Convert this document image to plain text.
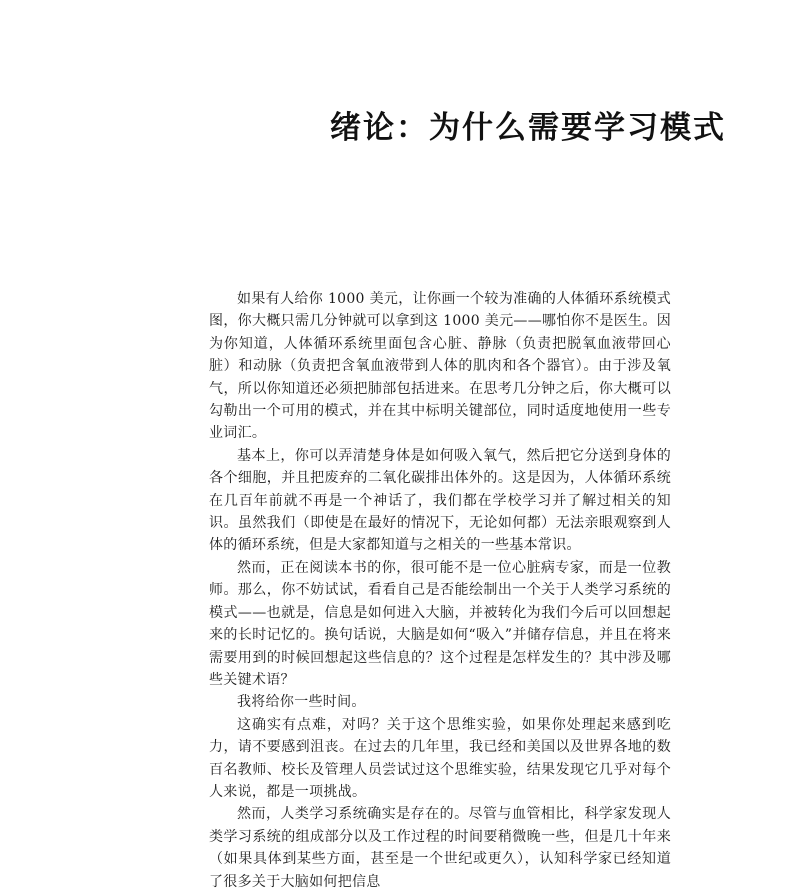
绪论：为什么需要学习模式

如果有人给你 1000 美元，让你画一个较为准确的人体循环系统模式图，你大概只需几分钟就可以拿到这 1000 美元——哪怕你不是医生。因为你知道，人体循环系统里面包含心脏、静脉（负责把脱氧血液带回心脏）和动脉（负责把含氧血液带到人体的肌肉和各个器官）。由于涉及氧气，所以你知道还必须把肺部包括进来。在思考几分钟之后，你大概可以勾勒出一个可用的模式，并在其中标明关键部位，同时适度地使用一些专业词汇。

基本上，你可以弄清楚身体是如何吸入氧气，然后把它分送到身体的各个细胞，并且把废弃的二氧化碳排出体外的。这是因为，人体循环系统在几百年前就不再是一个神话了，我们都在学校学习并了解过相关的知识。虽然我们（即使是在最好的情况下，无论如何都）无法亲眼观察到人体的循环系统，但是大家都知道与之相关的一些基本常识。

然而，正在阅读本书的你，很可能不是一位心脏病专家，而是一位教师。那么，你不妨试试，看看自己是否能绘制出一个关于人类学习系统的模式——也就是，信息是如何进入大脑，并被转化为我们今后可以回想起来的长时记忆的。换句话说，大脑是如何“吸入”并储存信息，并且在将来需要用到的时候回想起这些信息的？这个过程是怎样发生的？其中涉及哪些关键术语？

我将给你一些时间。

这确实有点难，对吗？关于这个思维实验，如果你处理起来感到吃力，请不要感到沮丧。在过去的几年里，我已经和美国以及世界各地的数百名教师、校长及管理人员尝试过这个思维实验，结果发现它几乎对每个人来说，都是一项挑战。

然而，人类学习系统确实是存在的。尽管与血管相比，科学家发现人类学习系统的组成部分以及工作过程的时间要稍微晚一些，但是几十年来（如果具体到某些方面，甚至是一个世纪或更久），认知科学家已经知道了很多关于大脑如何把信息
